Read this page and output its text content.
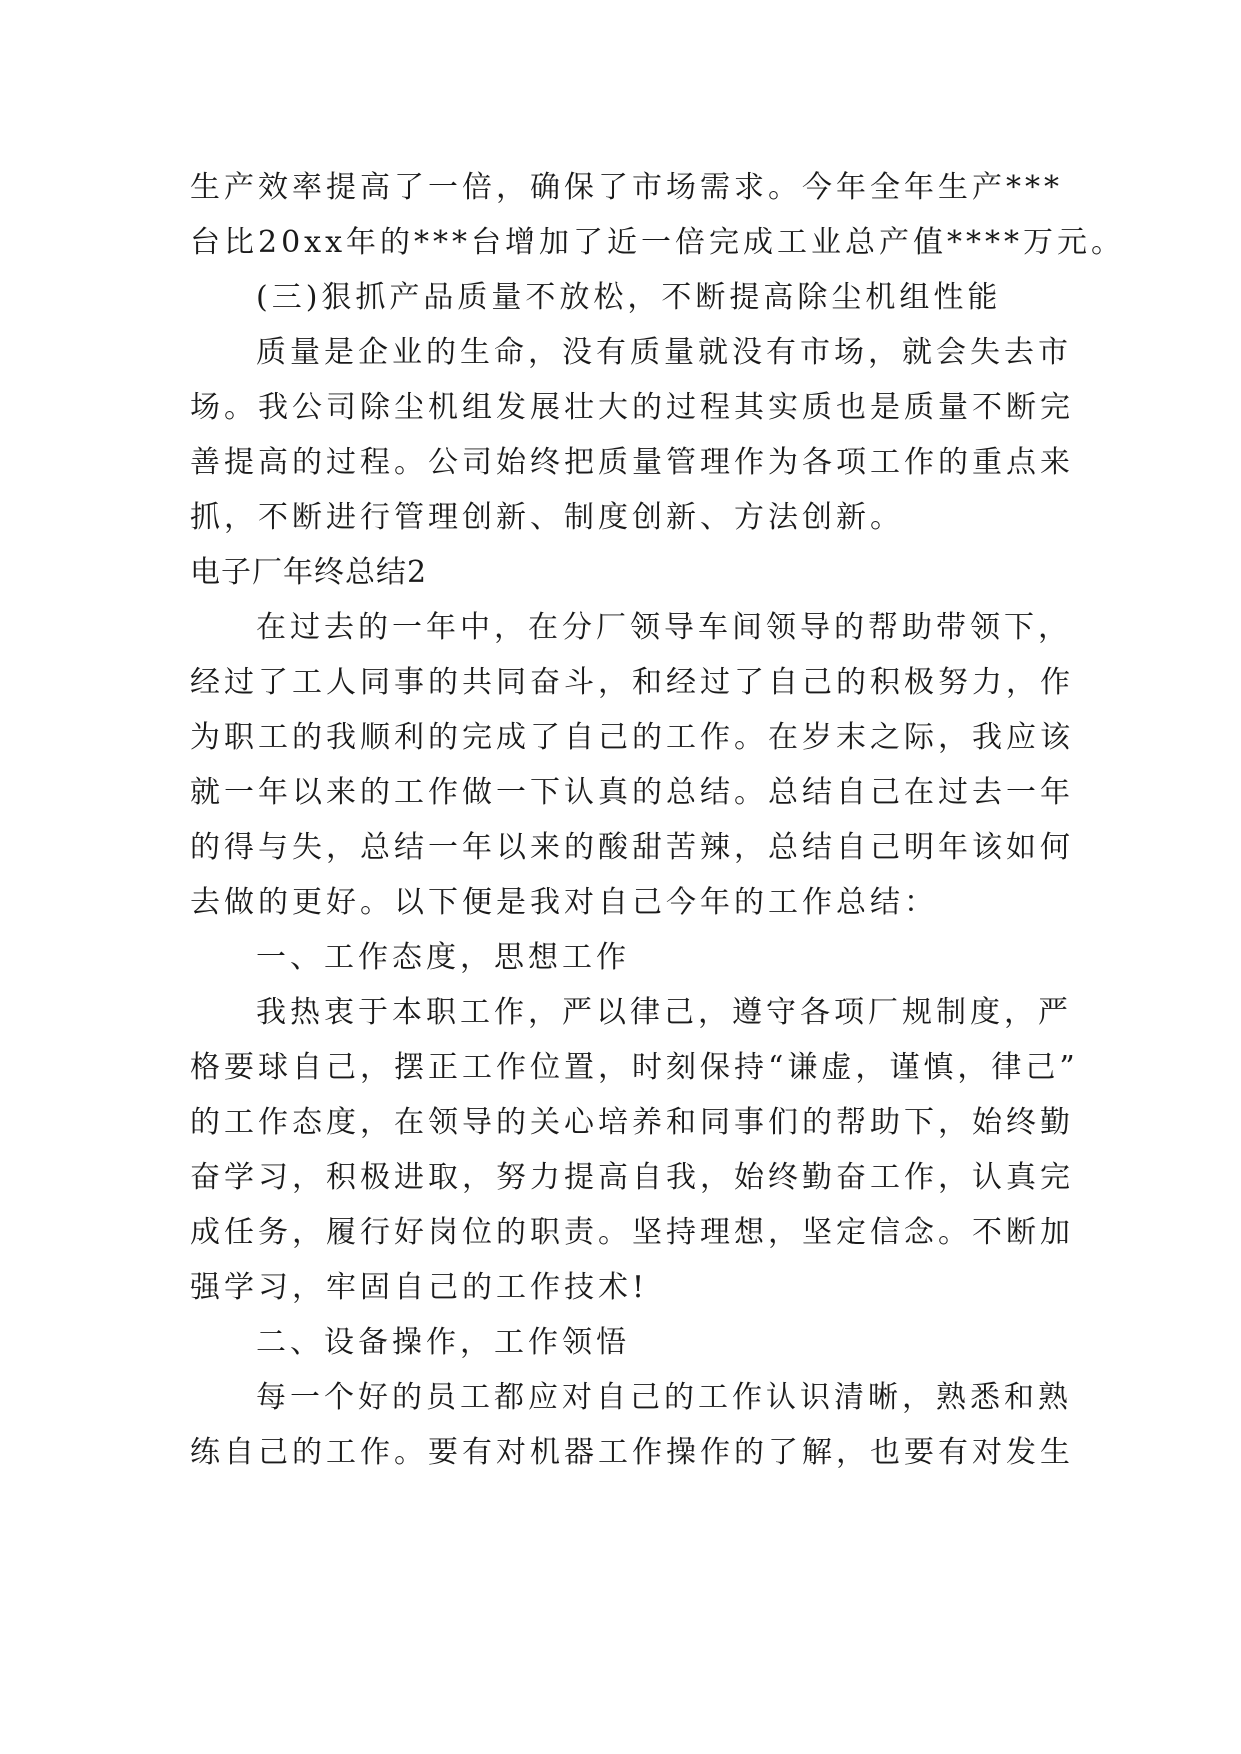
生产效率提高了一倍，确保了市场需求。今年全年生产***
台比20xx年的***台增加了近一倍完成工业总产值****万元。
(三)狠抓产品质量不放松，不断提高除尘机组性能
质量是企业的生命，没有质量就没有市场，就会失去市
场。我公司除尘机组发展壮大的过程其实质也是质量不断完
善提高的过程。公司始终把质量管理作为各项工作的重点来
抓，不断进行管理创新、制度创新、方法创新。
电子厂年终总结2
在过去的一年中，在分厂领导车间领导的帮助带领下，
经过了工人同事的共同奋斗，和经过了自己的积极努力，作
为职工的我顺利的完成了自己的工作。在岁末之际，我应该
就一年以来的工作做一下认真的总结。总结自己在过去一年
的得与失，总结一年以来的酸甜苦辣，总结自己明年该如何
去做的更好。以下便是我对自己今年的工作总结：
一、工作态度，思想工作
我热衷于本职工作，严以律己，遵守各项厂规制度，严
格要球自己，摆正工作位置，时刻保持“谦虚，谨慎，律己”
的工作态度，在领导的关心培养和同事们的帮助下，始终勤
奋学习，积极进取，努力提高自我，始终勤奋工作，认真完
成任务，履行好岗位的职责。坚持理想，坚定信念。不断加
强学习，牢固自己的工作技术!
二、设备操作，工作领悟
每一个好的员工都应对自己的工作认识清晰，熟悉和熟
练自己的工作。要有对机器工作操作的了解，也要有对发生
